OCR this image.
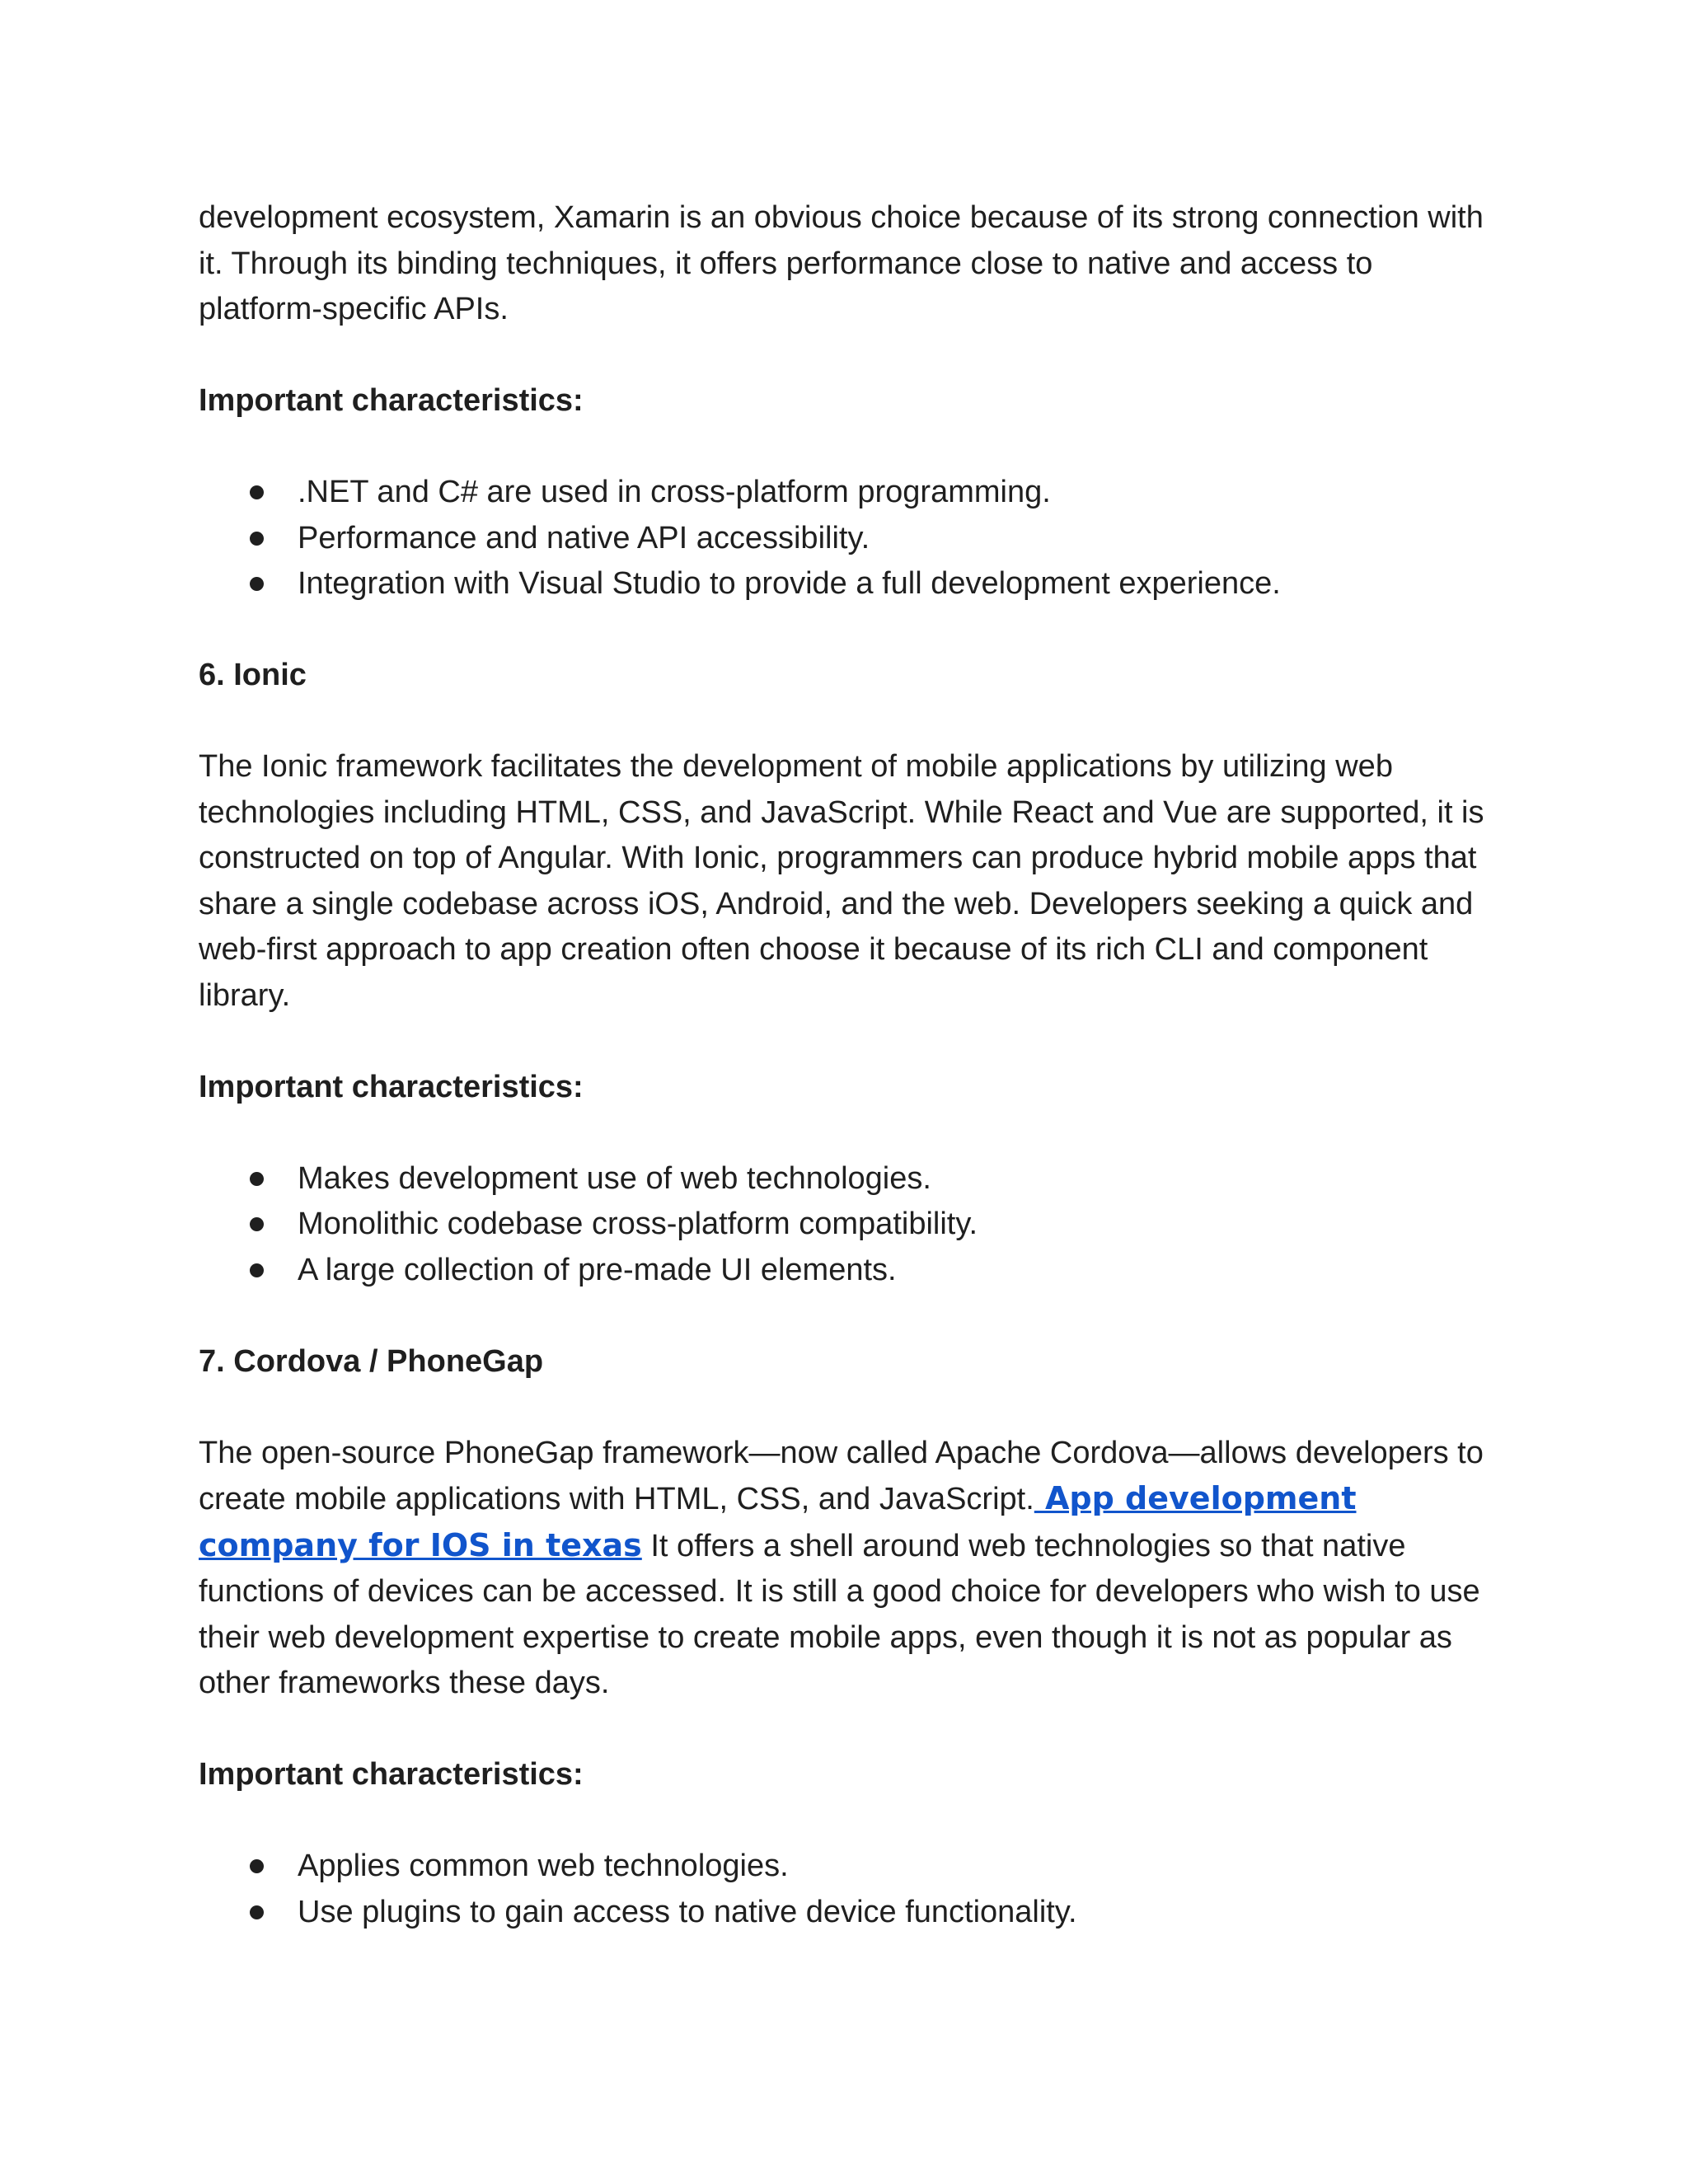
development ecosystem, Xamarin is an obvious choice because of its strong connection with it. Through its binding techniques, it offers performance close to native and access to platform-specific APIs.

Important characteristics:

.NET and C# are used in cross-platform programming.
Performance and native API accessibility.
Integration with Visual Studio to provide a full development experience.

6. Ionic

The Ionic framework facilitates the development of mobile applications by utilizing web technologies including HTML, CSS, and JavaScript. While React and Vue are supported, it is constructed on top of Angular. With Ionic, programmers can produce hybrid mobile apps that share a single codebase across iOS, Android, and the web. Developers seeking a quick and web-first approach to app creation often choose it because of its rich CLI and component library.

Important characteristics:

Makes development use of web technologies.
Monolithic codebase cross-platform compatibility.
A large collection of pre-made UI elements.

7. Cordova / PhoneGap

The open-source PhoneGap framework—now called Apache Cordova—allows developers to create mobile applications with HTML, CSS, and JavaScript. App development company for IOS in texas It offers a shell around web technologies so that native functions of devices can be accessed. It is still a good choice for developers who wish to use their web development expertise to create mobile apps, even though it is not as popular as other frameworks these days.

Important characteristics:

Applies common web technologies.
Use plugins to gain access to native device functionality.
